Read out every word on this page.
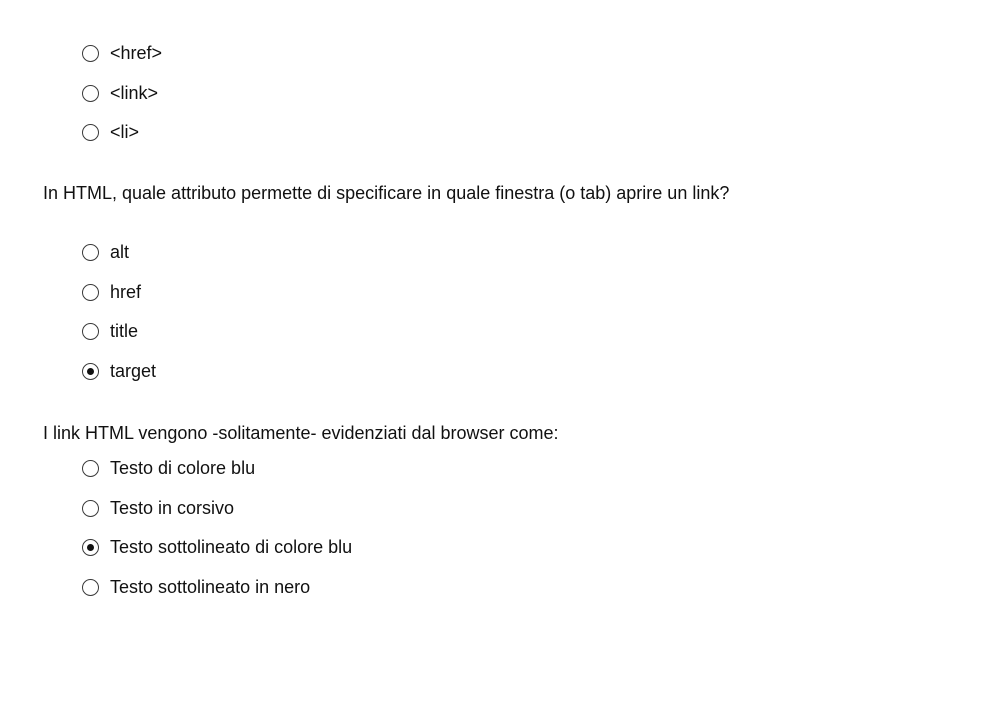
<href>
<link>
<li>

In HTML, quale attributo permette di specificare in quale finestra (o tab) aprire un link?

alt
href
title
target

I link HTML vengono -solitamente- evidenziati dal browser come:

Testo di colore blu
Testo in corsivo
Testo sottolineato di colore blu
Testo sottolineato in nero
